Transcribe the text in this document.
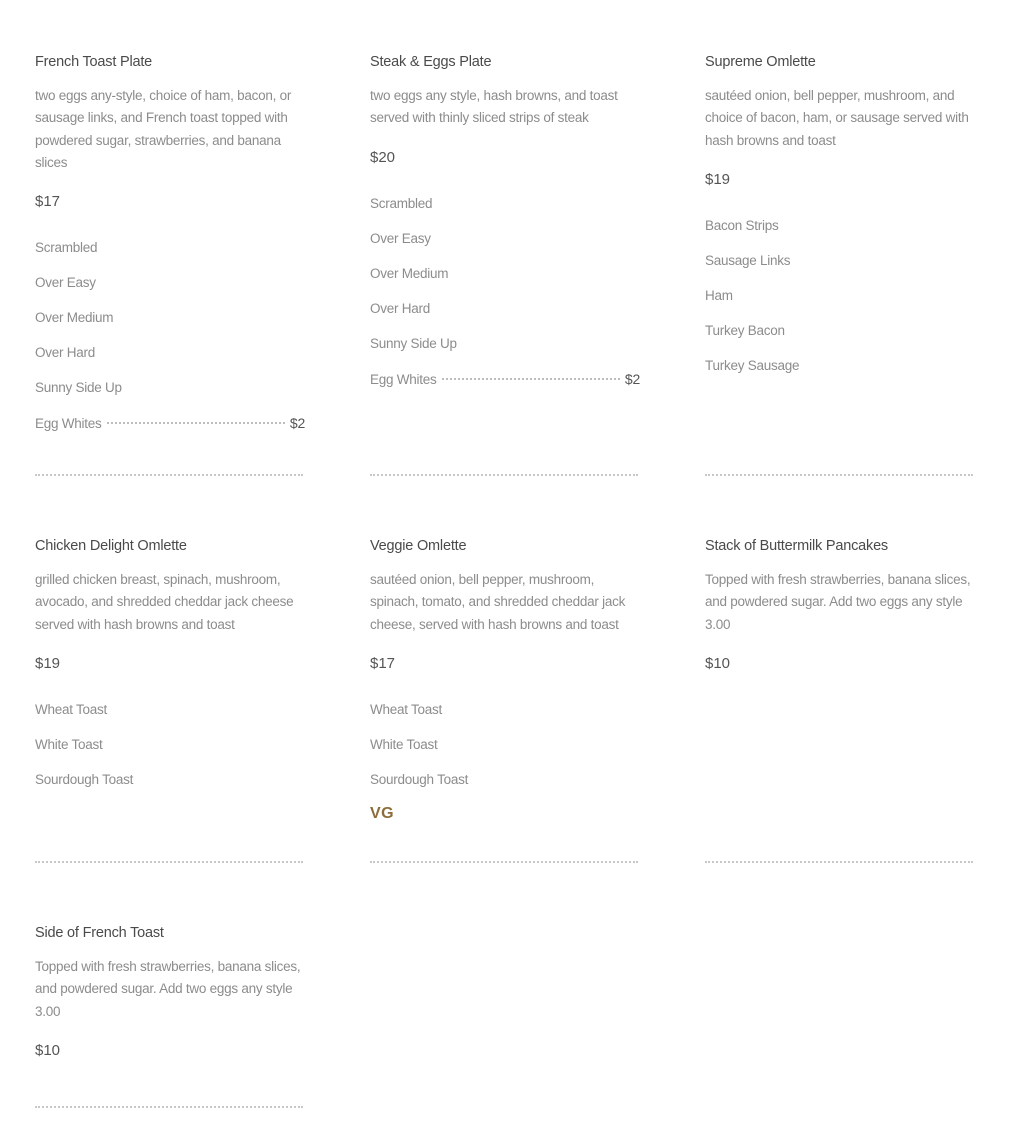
French Toast Plate

two eggs any-style, choice of ham, bacon, or sausage links, and French toast topped with powdered sugar, strawberries, and banana slices

$17
Scrambled
Over Easy
Over Medium
Over Hard
Sunny Side Up
Egg Whites	$2
Steak & Eggs Plate

two eggs any style, hash browns, and toast served with thinly sliced strips of steak

$20
Scrambled
Over Easy
Over Medium
Over Hard
Sunny Side Up
Egg Whites	$2
Supreme Omlette

sautéed onion, bell pepper, mushroom, and choice of bacon, ham, or sausage served with hash browns and toast

$19
Bacon Strips
Sausage Links
Ham
Turkey Bacon
Turkey Sausage
Chicken Delight Omlette

grilled chicken breast, spinach, mushroom, avocado, and shredded cheddar jack cheese served with hash browns and toast

$19
Wheat Toast
White Toast
Sourdough Toast
Veggie Omlette

sautéed onion, bell pepper, mushroom, spinach, tomato, and shredded cheddar jack cheese, served with hash browns and toast

$17
Wheat Toast
White Toast
Sourdough Toast
VG
Stack of Buttermilk Pancakes

Topped with fresh strawberries, banana slices, and powdered sugar. Add two eggs any style 3.00

$10
Side of French Toast

Topped with fresh strawberries, banana slices, and powdered sugar. Add two eggs any style 3.00

$10
